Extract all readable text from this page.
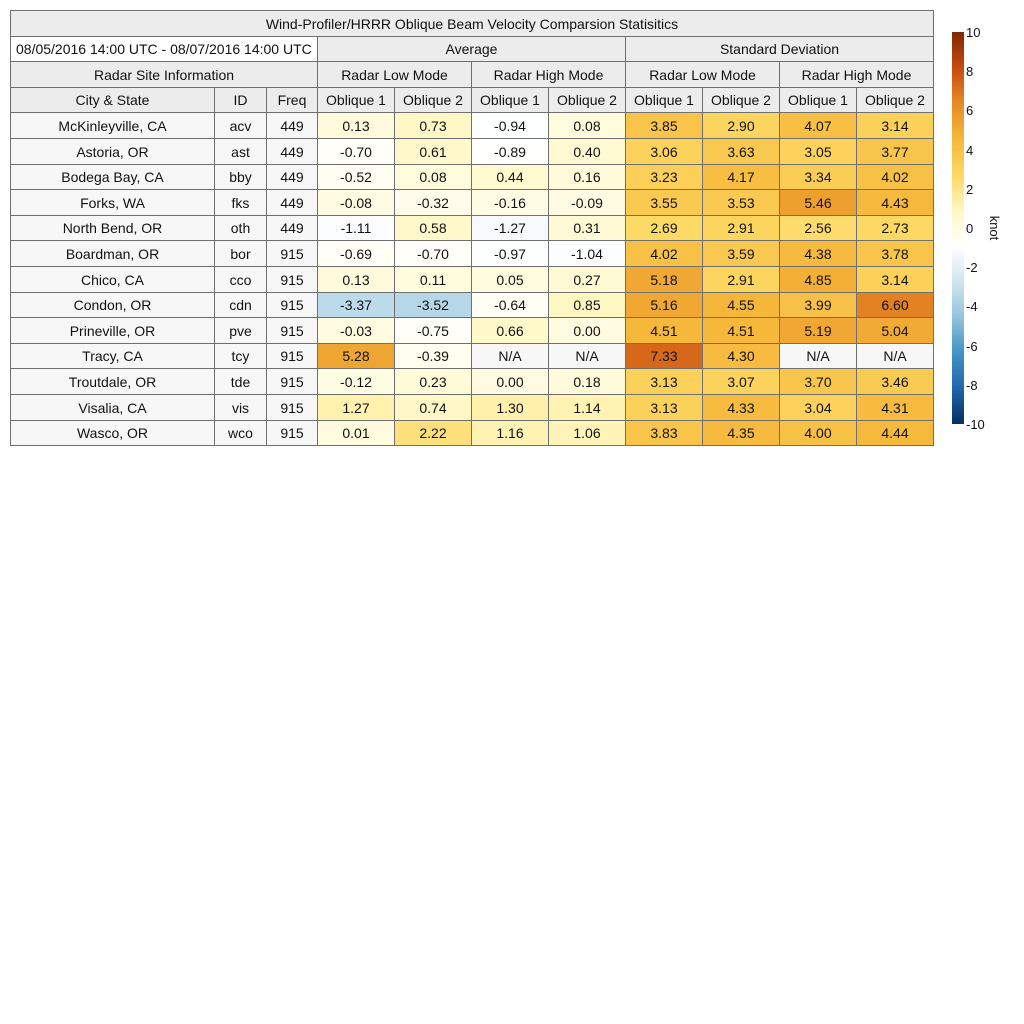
Wind-Profiler/HRRR Oblique Beam Velocity Comparsion Statisitics
08/05/2016 14:00 UTC - 08/07/2016 14:00 UTC	Average	Standard Deviation
Radar Site Information	Radar Low Mode	Radar High Mode	Radar Low Mode	Radar High Mode
City & State	ID	Freq	Oblique 1	Oblique 2	Oblique 1	Oblique 2	Oblique 1	Oblique 2	Oblique 1	Oblique 2
McKinleyville, CA	acv	449	0.13	0.73	-0.94	0.08	3.85	2.90	4.07	3.14
Astoria, OR	ast	449	-0.70	0.61	-0.89	0.40	3.06	3.63	3.05	3.77
Bodega Bay, CA	bby	449	-0.52	0.08	0.44	0.16	3.23	4.17	3.34	4.02
Forks, WA	fks	449	-0.08	-0.32	-0.16	-0.09	3.55	3.53	5.46	4.43
North Bend, OR	oth	449	-1.11	0.58	-1.27	0.31	2.69	2.91	2.56	2.73
Boardman, OR	bor	915	-0.69	-0.70	-0.97	-1.04	4.02	3.59	4.38	3.78
Chico, CA	cco	915	0.13	0.11	0.05	0.27	5.18	2.91	4.85	3.14
Condon, OR	cdn	915	-3.37	-3.52	-0.64	0.85	5.16	4.55	3.99	6.60
Prineville, OR	pve	915	-0.03	-0.75	0.66	0.00	4.51	4.51	5.19	5.04
Tracy, CA	tcy	915	5.28	-0.39	N/A	N/A	7.33	4.30	N/A	N/A
Troutdale, OR	tde	915	-0.12	0.23	0.00	0.18	3.13	3.07	3.70	3.46
Visalia, CA	vis	915	1.27	0.74	1.30	1.14	3.13	4.33	3.04	4.31
Wasco, OR	wco	915	0.01	2.22	1.16	1.06	3.83	4.35	4.00	4.44
10
8
6
4
2
0
-2
-4
-6
-8
-10
knot
